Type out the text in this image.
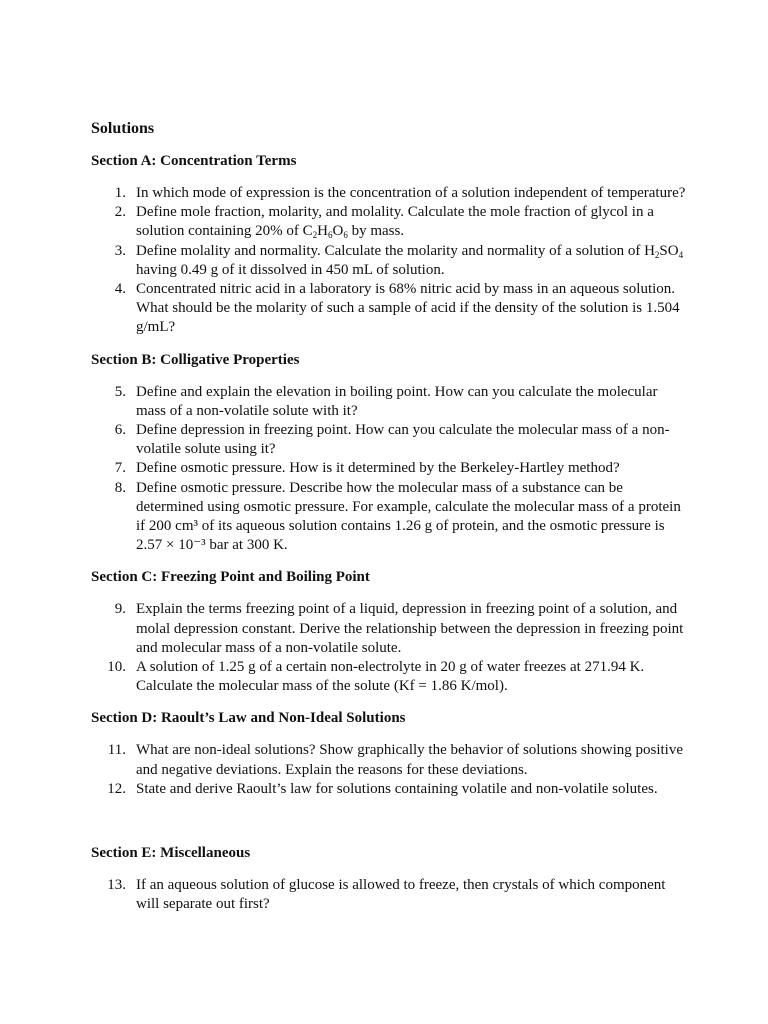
Solutions
Section A: Concentration Terms
1. In which mode of expression is the concentration of a solution independent of temperature?
2. Define mole fraction, molarity, and molality. Calculate the mole fraction of glycol in a solution containing 20% of $C_2H_6O_6$ by mass.
3. Define molality and normality. Calculate the molarity and normality of a solution of $H_2SO_4$ having 0.49 g of it dissolved in 450 mL of solution.
4. Concentrated nitric acid in a laboratory is 68% nitric acid by mass in an aqueous solution. What should be the molarity of such a sample of acid if the density of the solution is 1.504 g/mL?
Section B: Colligative Properties
5. Define and explain the elevation in boiling point. How can you calculate the molecular mass of a non-volatile solute with it?
6. Define depression in freezing point. How can you calculate the molecular mass of a non-volatile solute using it?
7. Define osmotic pressure. How is it determined by the Berkeley-Hartley method?
8. Define osmotic pressure. Describe how the molecular mass of a substance can be determined using osmotic pressure. For example, calculate the molecular mass of a protein if 200 cm³ of its aqueous solution contains 1.26 g of protein, and the osmotic pressure is 2.57 × 10⁻³ bar at 300 K.
Section C: Freezing Point and Boiling Point
9. Explain the terms freezing point of a liquid, depression in freezing point of a solution, and molal depression constant. Derive the relationship between the depression in freezing point and molecular mass of a non-volatile solute.
10. A solution of 1.25 g of a certain non-electrolyte in 20 g of water freezes at 271.94 K. Calculate the molecular mass of the solute (Kf = 1.86 K/mol).
Section D: Raoult’s Law and Non-Ideal Solutions
11. What are non-ideal solutions? Show graphically the behavior of solutions showing positive and negative deviations. Explain the reasons for these deviations.
12. State and derive Raoult’s law for solutions containing volatile and non-volatile solutes.
Section E: Miscellaneous
13. If an aqueous solution of glucose is allowed to freeze, then crystals of which component will separate out first?
